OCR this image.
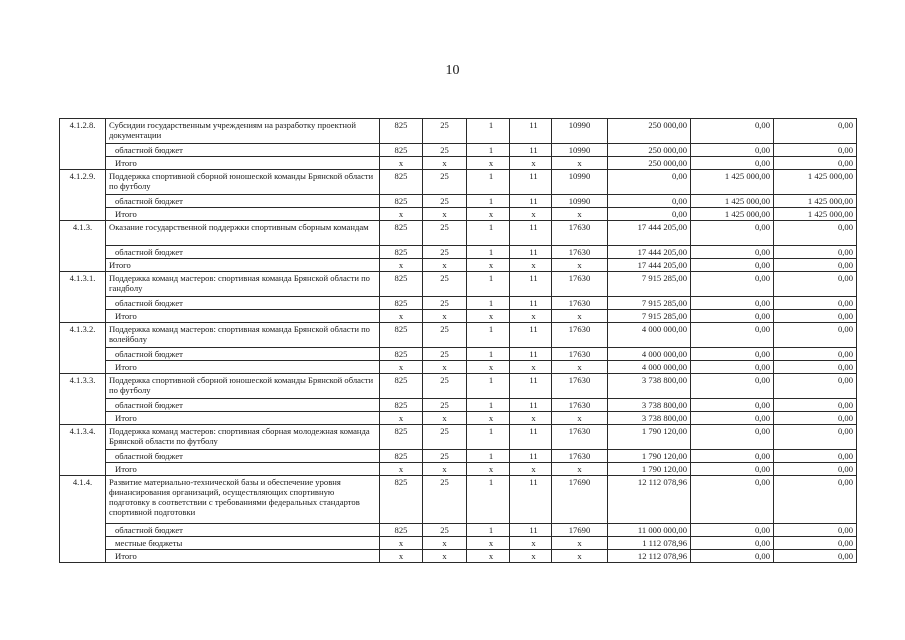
10
4.1.2.8.	Субсидии государственным учреждениям на разработку проектной документации	825	25	1	11	10990	250 000,00	0,00	0,00
	областной бюджет	825	25	1	11	10990	250 000,00	0,00	0,00
	Итого	х	х	х	х	х	250 000,00	0,00	0,00
4.1.2.9.	Поддержка спортивной сборной юношеской команды Брянской области по футболу	825	25	1	11	10990	0,00	1 425 000,00	1 425 000,00
	областной бюджет	825	25	1	11	10990	0,00	1 425 000,00	1 425 000,00
	Итого	х	х	х	х	х	0,00	1 425 000,00	1 425 000,00
4.1.3.	Оказание государственной поддержки спортивным сборным командам	825	25	1	11	17630	17 444 205,00	0,00	0,00
	областной бюджет	825	25	1	11	17630	17 444 205,00	0,00	0,00
	Итого	х	х	х	х	х	17 444 205,00	0,00	0,00
4.1.3.1.	Поддержка команд мастеров: спортивная команда Брянской области по гандболу	825	25	1	11	17630	7 915 285,00	0,00	0,00
	областной бюджет	825	25	1	11	17630	7 915 285,00	0,00	0,00
	Итого	х	х	х	х	х	7 915 285,00	0,00	0,00
4.1.3.2.	Поддержка команд мастеров: спортивная команда Брянской области по волейболу	825	25	1	11	17630	4 000 000,00	0,00	0,00
	областной бюджет	825	25	1	11	17630	4 000 000,00	0,00	0,00
	Итого	х	х	х	х	х	4 000 000,00	0,00	0,00
4.1.3.3.	Поддержка спортивной сборной юношеской команды Брянской области по футболу	825	25	1	11	17630	3 738 800,00	0,00	0,00
	областной бюджет	825	25	1	11	17630	3 738 800,00	0,00	0,00
	Итого	х	х	х	х	х	3 738 800,00	0,00	0,00
4.1.3.4.	Поддержка команд мастеров: спортивная сборная молодежная команда Брянской области по футболу	825	25	1	11	17630	1 790 120,00	0,00	0,00
	областной бюджет	825	25	1	11	17630	1 790 120,00	0,00	0,00
	Итого	х	х	х	х	х	1 790 120,00	0,00	0,00
4.1.4.	Развитие материально-технической базы и обеспечение уровня финансирования организаций, осуществляющих спортивную подготовку в соответствии с требованиями федеральных стандартов спортивной подготовки	825	25	1	11	17690	12 112 078,96	0,00	0,00
	областной бюджет	825	25	1	11	17690	11 000 000,00	0,00	0,00
	местные бюджеты	х	х	х	х	х	1 112 078,96	0,00	0,00
	Итого	х	х	х	х	х	12 112 078,96	0,00	0,00
